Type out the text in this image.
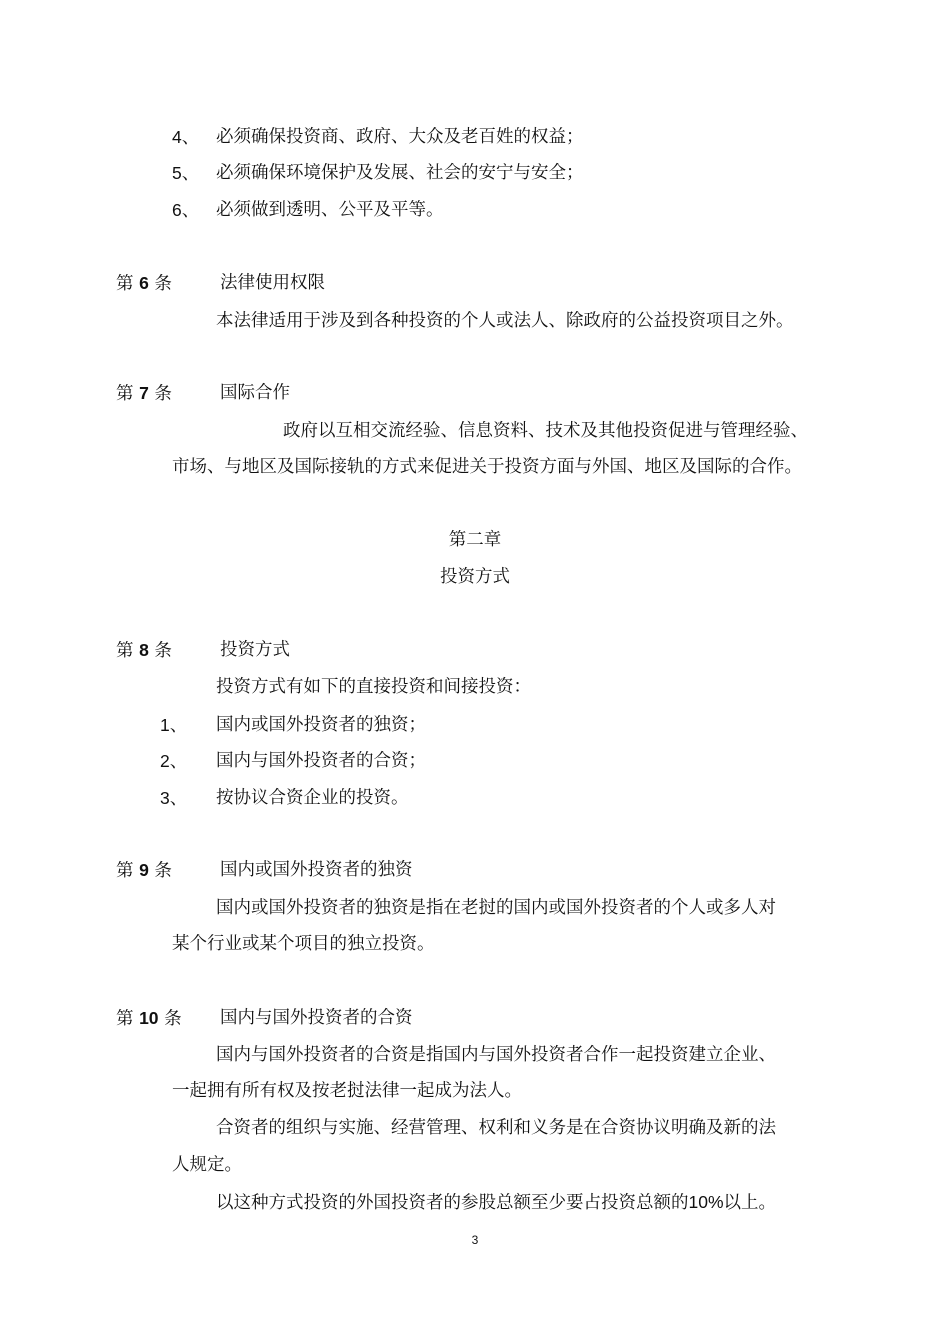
4、 必须确保投资商、政府、大众及老百姓的权益；
5、 必须确保环境保护及发展、社会的安宁与安全；
6、 必须做到透明、公平及平等。
第 6 条	法律使用权限
本法律适用于涉及到各种投资的个人或法人、除政府的公益投资项目之外。
第 7 条	国际合作
政府以互相交流经验、信息资料、技术及其他投资促进与管理经验、
市场、与地区及国际接轨的方式来促进关于投资方面与外国、地区及国际的合作。
第二章
投资方式
第 8 条	投资方式
投资方式有如下的直接投资和间接投资：
1、 国内或国外投资者的独资；
2、 国内与国外投资者的合资；
3、 按协议合资企业的投资。
第 9 条	国内或国外投资者的独资
国内或国外投资者的独资是指在老挝的国内或国外投资者的个人或多人对
某个行业或某个项目的独立投资。
第 10 条 国内与国外投资者的合资
国内与国外投资者的合资是指国内与国外投资者合作一起投资建立企业、
一起拥有所有权及按老挝法律一起成为法人。
合资者的组织与实施、经营管理、权利和义务是在合资协议明确及新的法
人规定。
以这种方式投资的外国投资者的参股总额至少要占投资总额的10%以上。
3
